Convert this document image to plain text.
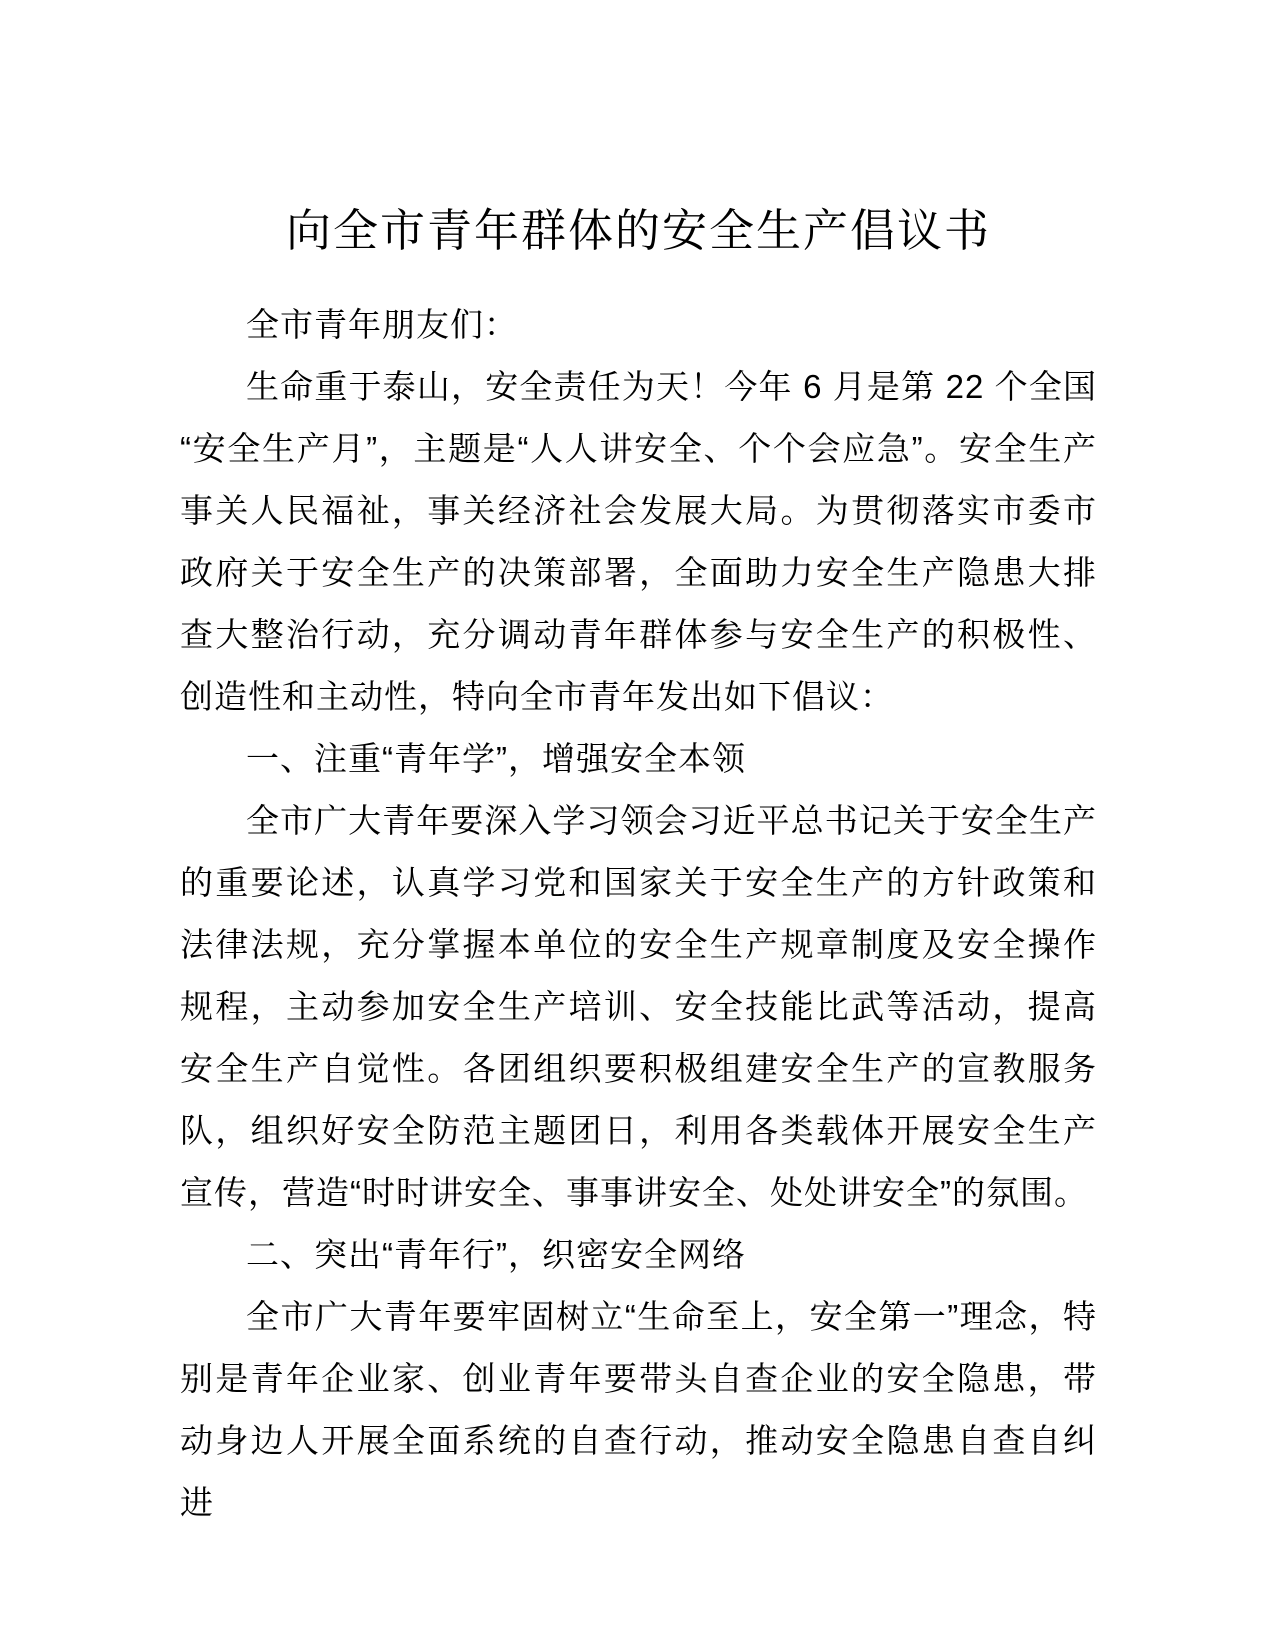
向全市青年群体的安全生产倡议书

全市青年朋友们：

生命重于泰山，安全责任为天！今年 6 月是第 22 个全国“安全生产月”，主题是“人人讲安全、个个会应急”。安全生产事关人民福祉，事关经济社会发展大局。为贯彻落实市委市政府关于安全生产的决策部署，全面助力安全生产隐患大排查大整治行动，充分调动青年群体参与安全生产的积极性、创造性和主动性，特向全市青年发出如下倡议：

一、注重“青年学”，增强安全本领

全市广大青年要深入学习领会习近平总书记关于安全生产的重要论述，认真学习党和国家关于安全生产的方针政策和法律法规，充分掌握本单位的安全生产规章制度及安全操作规程，主动参加安全生产培训、安全技能比武等活动，提高安全生产自觉性。各团组织要积极组建安全生产的宣教服务队，组织好安全防范主题团日，利用各类载体开展安全生产宣传，营造“时时讲安全、事事讲安全、处处讲安全”的氛围。

二、突出“青年行”，织密安全网络

全市广大青年要牢固树立“生命至上，安全第一”理念，特别是青年企业家、创业青年要带头自查企业的安全隐患，带动身边人开展全面系统的自查行动，推动安全隐患自查自纠进
